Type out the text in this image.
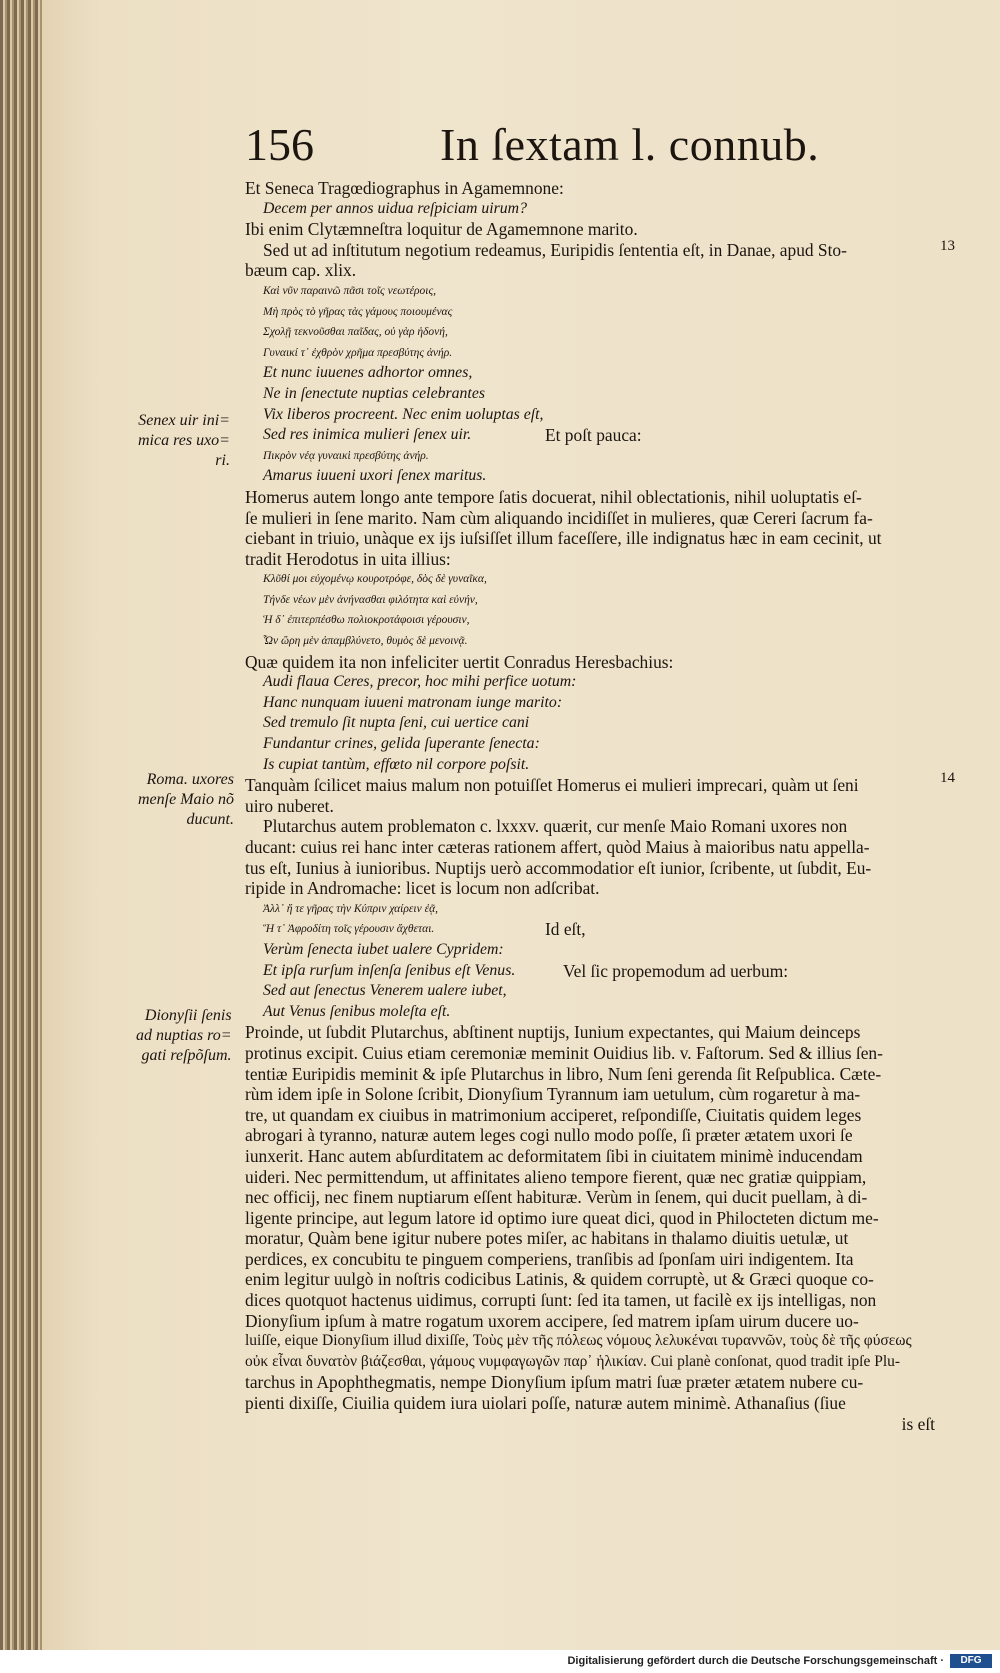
156	In ſextam l. connub.
Senex uir ini=
mica res uxo=
ri.
Roma. uxores
menſe Maio nõ
ducunt.
Dionyſii ſenis
ad nuptias ro=
gati reſpõſum.
13
14
Et Seneca Tragœdiographus in Agamemnone:
Decem per annos uidua reſpiciam uirum?
Ibi enim Clytæmneſtra loquitur de Agamemnone marito.
Sed ut ad inſtitutum negotium redeamus, Euripidis ſententia eſt, in Danae, apud Sto‑
bæum cap. xlix.
Καὶ νῦν παραινῶ πᾶσι τοῖς νεωτέροις,
Μὴ πρὸς τὸ γῆρας τὰς γάμους ποιουμένας
Σχολῇ τεκνοῦσθαι παῖδας, οὐ γὰρ ἡδονή,
Γυναικί τ᾽ ἐχθρὸν χρῆμα πρεσβύτης ἀνήρ.
Et nunc iuuenes adhortor omnes,
Ne in ſenectute nuptias celebrantes
Vix liberos procreent. Nec enim uoluptas eſt,
Sed res inimica mulieri ſenex uir.	Et poſt pauca:
Πικρὸν νέᾳ γυναικὶ πρεσβύτης ἀνήρ.
Amarus iuueni uxori ſenex maritus.
Homerus autem longo ante tempore ſatis docuerat, nihil oblectationis, nihil uoluptatis eſ‑
ſe mulieri in ſene marito. Nam cùm aliquando incidiſſet in mulieres, quæ Cereri ſacrum fa‑
ciebant in triuio, unàque ex ijs iuſsiſſet illum faceſſere, ille indignatus hæc in eam cecinit, ut
tradit Herodotus in uita illius:
Κλῦθί μοι εὐχομένῳ κουροτρόφε, δὸς δὲ γυναῖκα,
Τήνδε νέων μὲν ἀνήνασθαι φιλότητα καὶ εὐνήν,
Ἡ δ᾽ ἐπιτερπέσθω πολιοκροτάφοισι γέρουσιν,
Ὧν ὥρη μὲν ἀπαμβλύνετο, θυμὸς δὲ μενοινᾷ.
Quæ quidem ita non infeliciter uertit Conradus Heresbachius:
Audi flaua Ceres, precor, hoc mihi perfice uotum:
Hanc nunquam iuueni matronam iunge marito:
Sed tremulo ſit nupta ſeni, cui uertice cani
Fundantur crines, gelida ſuperante ſenecta:
Is cupiat tantùm, effœto nil corpore poſsit.
Tanquàm ſcilicet maius malum non potuiſſet Homerus ei mulieri imprecari, quàm ut ſeni
uiro nuberet.
Plutarchus autem problematon c. lxxxv. quærit, cur menſe Maio Romani uxores non
ducant: cuius rei hanc inter cæteras rationem affert, quòd Maius à maioribus natu appella‑
tus eſt, Iunius à iunioribus. Nuptijs uerò accommodatior eſt iunior, ſcribente, ut ſubdit, Eu‑
ripide in Andromache: licet is locum non adſcribat.
Ἀλλ᾽ ἥ τε γῆρας τὴν Κύπριν χαίρειν ἐᾷ,
Ἥ τ᾽ Ἀφροδίτη τοῖς γέρουσιν ἄχθεται.	Id eſt,
Verùm ſenecta iubet ualere Cypridem:
Et ipſa rurſum inſenſa ſenibus eſt Venus.	Vel ſic propemodum ad uerbum:
Sed aut ſenectus Venerem ualere iubet,
Aut Venus ſenibus moleſta eſt.
Proinde, ut ſubdit Plutarchus, abſtinent nuptijs, Iunium expectantes, qui Maium deinceps
protinus excipit. Cuius etiam ceremoniæ meminit Ouidius lib. v. Faſtorum. Sed & illius ſen‑
tentiæ Euripidis meminit & ipſe Plutarchus in libro, Num ſeni gerenda ſit Reſpublica. Cæte‑
rùm idem ipſe in Solone ſcribit, Dionyſium Tyrannum iam uetulum, cùm rogaretur à ma‑
tre, ut quandam ex ciuibus in matrimonium acciperet, reſpondiſſe, Ciuitatis quidem leges
abrogari à tyranno, naturæ autem leges cogi nullo modo poſſe, ſi præter ætatem uxori ſe
iunxerit. Hanc autem abſurditatem ac deformitatem ſibi in ciuitatem minimè inducendam
uideri. Nec permittendum, ut affinitates alieno tempore fierent, quæ nec gratiæ quippiam,
nec officij, nec finem nuptiarum eſſent habituræ. Verùm in ſenem, qui ducit puellam, à di‑
ligente principe, aut legum latore id optimo iure queat dici, quod in Philocteten dictum me‑
moratur, Quàm bene igitur nubere potes miſer, ac habitans in thalamo diuitis uetulæ, ut
perdices, ex concubitu te pinguem comperiens, tranſibis ad ſponſam uiri indigentem. Ita
enim legitur uulgò in noſtris codicibus Latinis, & quidem corruptè, ut & Græci quoque co‑
dices quotquot hactenus uidimus, corrupti ſunt: ſed ita tamen, ut facilè ex ijs intelligas, non
Dionyſium ipſum à matre rogatum uxorem accipere, ſed matrem ipſam uirum ducere uo‑
luiſſe, eique Dionyſium illud dixiſſe, Τοὺς μὲν τῆς πόλεως νόμους λελυκέναι τυραννῶν, τοὺς δὲ τῆς φύσεως
οὐκ εἶναι δυνατὸν βιάζεσθαι, γάμους νυμφαγωγῶν παρ᾽ ἡλικίαν. Cui planè conſonat, quod tradit ipſe Plu‑
tarchus in Apophthegmatis, nempe Dionyſium ipſum matri ſuæ præter ætatem nubere cu‑
pienti dixiſſe, Ciuilia quidem iura uiolari poſſe, naturæ autem minimè. Athanaſius (ſiue
is eſt
Digitalisierung gefördert durch die Deutsche Forschungsgemeinschaft ·	DFG
